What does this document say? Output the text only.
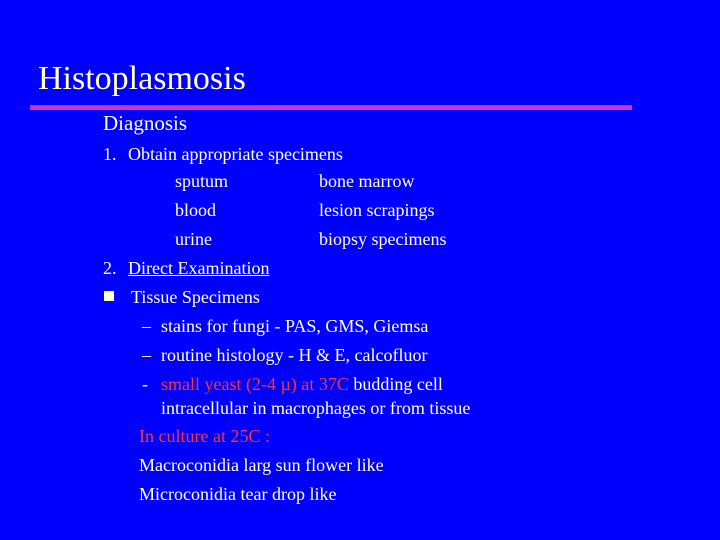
Histoplasmosis
Diagnosis
1. Obtain appropriate specimens
sputum	bone marrow
blood	lesion scrapings
urine	biopsy specimens
2. Direct Examination
Tissue Specimens
– stains for fungi - PAS, GMS, Giemsa
– routine histology - H & E, calcofluor
- small yeast (2-4 µ) at 37C budding cell
intracellular in macrophages or from tissue
In culture at 25C :
Macroconidia larg sun flower like
Microconidia tear drop like
